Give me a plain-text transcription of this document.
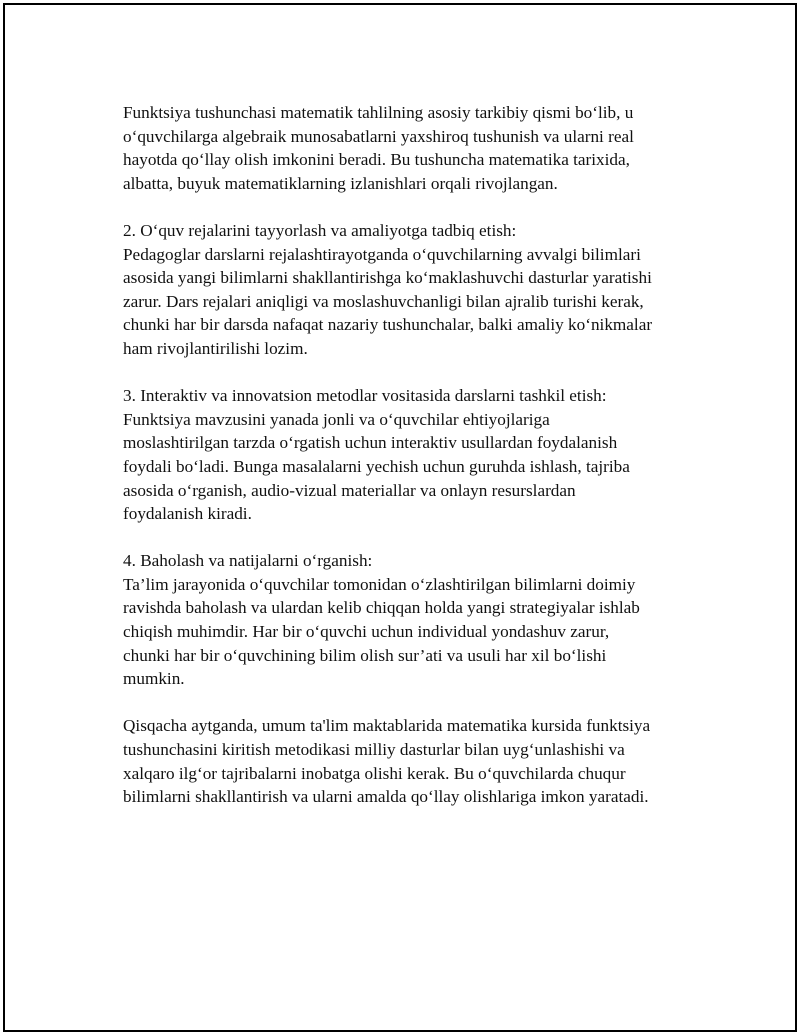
Funktsiya tushunchasi matematik tahlilning asosiy tarkibiy qismi bo‘lib, u
o‘quvchilarga algebraik munosabatlarni yaxshiroq tushunish va ularni real
hayotda qo‘llay olish imkonini beradi. Bu tushuncha matematika tarixida,
albatta, buyuk matematiklarning izlanishlari orqali rivojlangan.
2. O‘quv rejalarini tayyorlash va amaliyotga tadbiq etish:
Pedagoglar darslarni rejalashtirayotganda o‘quvchilarning avvalgi bilimlari
asosida yangi bilimlarni shakllantirishga ko‘maklashuvchi dasturlar yaratishi
zarur. Dars rejalari aniqligi va moslashuvchanligi bilan ajralib turishi kerak,
chunki har bir darsda nafaqat nazariy tushunchalar, balki amaliy ko‘nikmalar
ham rivojlantirilishi lozim.
3. Interaktiv va innovatsion metodlar vositasida darslarni tashkil etish:
Funktsiya mavzusini yanada jonli va o‘quvchilar ehtiyojlariga
moslashtirilgan tarzda o‘rgatish uchun interaktiv usullardan foydalanish
foydali bo‘ladi. Bunga masalalarni yechish uchun guruhda ishlash, tajriba
asosida o‘rganish, audio-vizual materiallar va onlayn resurslardan
foydalanish kiradi.
4. Baholash va natijalarni o‘rganish:
Ta’lim jarayonida o‘quvchilar tomonidan o‘zlashtirilgan bilimlarni doimiy
ravishda baholash va ulardan kelib chiqqan holda yangi strategiyalar ishlab
chiqish muhimdir. Har bir o‘quvchi uchun individual yondashuv zarur,
chunki har bir o‘quvchining bilim olish sur’ati va usuli har xil bo‘lishi
mumkin.
Qisqacha aytganda, umum ta'lim maktablarida matematika kursida funktsiya
tushunchasini kiritish metodikasi milliy dasturlar bilan uyg‘unlashishi va
xalqaro ilg‘or tajribalarni inobatga olishi kerak. Bu o‘quvchilarda chuqur
bilimlarni shakllantirish va ularni amalda qo‘llay olishlariga imkon yaratadi.
